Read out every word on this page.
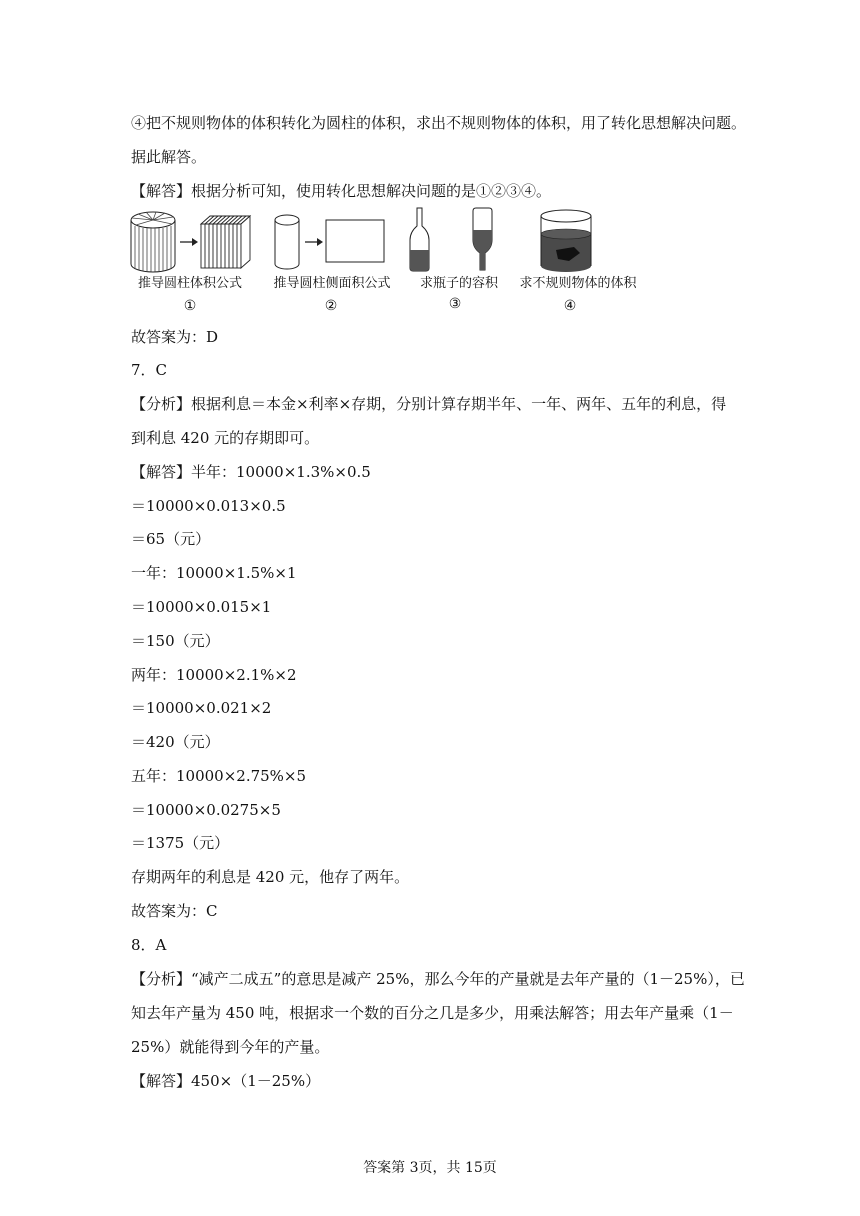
④把不规则物体的体积转化为圆柱的体积，求出不规则物体的体积，用了转化思想解决问题。
据此解答。
【解答】根据分析可知，使用转化思想解决问题的是①②③④。
推导圆柱体积公式	推导圆柱侧面积公式	求瓶子的容积	求不规则物体的体积
①	②	③	④
故答案为：D
7．C
【分析】根据利息＝本金×利率×存期，分别计算存期半年、一年、两年、五年的利息，得
到利息 420 元的存期即可。
【解答】半年：10000×1.3%×0.5
＝10000×0.013×0.5
＝65（元）
一年：10000×1.5%×1
＝10000×0.015×1
＝150（元）
两年：10000×2.1%×2
＝10000×0.021×2
＝420（元）
五年：10000×2.75%×5
＝10000×0.0275×5
＝1375（元）
存期两年的利息是 420 元，他存了两年。
故答案为：C
8．A
【分析】“减产二成五”的意思是减产 25%，那么今年的产量就是去年产量的（1－25%），已
知去年产量为 450 吨，根据求一个数的百分之几是多少，用乘法解答；用去年产量乘（1－
25%）就能得到今年的产量。
【解答】450×（1－25%）
答案第 3页，共 15页
